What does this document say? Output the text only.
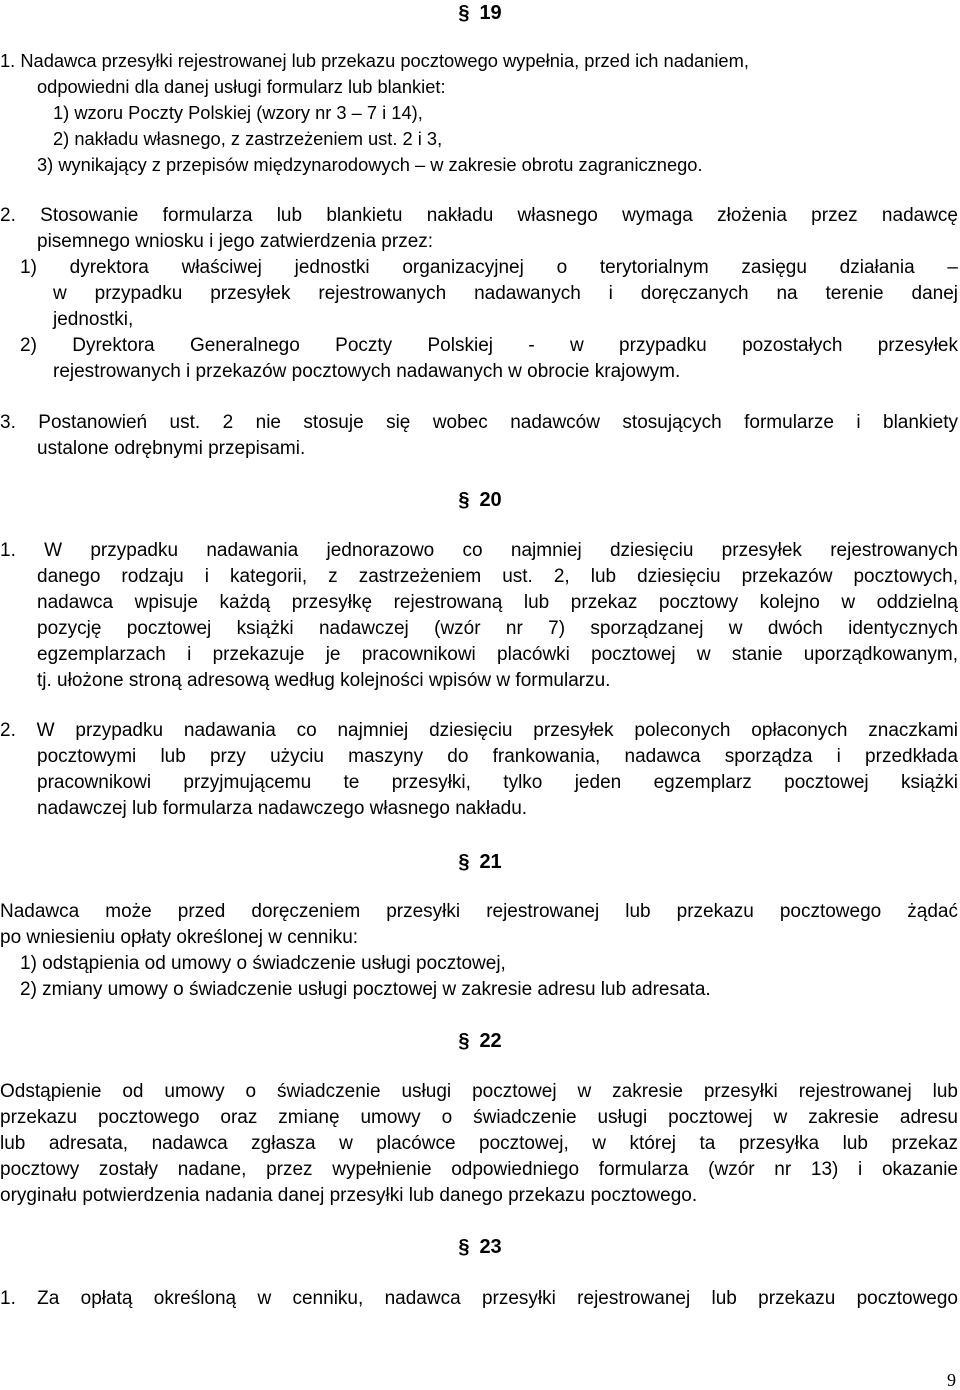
§ 19
1. Nadawca przesyłki rejestrowanej lub przekazu pocztowego wypełnia, przed ich nadaniem,
odpowiedni dla danej usługi formularz lub blankiet:
1) wzoru Poczty Polskiej (wzory nr 3 – 7 i 14),
2) nakładu własnego, z zastrzeżeniem ust. 2 i 3,
3) wynikający z przepisów międzynarodowych – w zakresie obrotu zagranicznego.
2. Stosowanie formularza lub blankietu nakładu własnego wymaga złożenia przez nadawcę
pisemnego wniosku i jego zatwierdzenia przez:
1) dyrektora właściwej jednostki organizacyjnej o terytorialnym zasięgu działania –
w przypadku przesyłek rejestrowanych nadawanych i doręczanych na terenie danej
jednostki,
2) Dyrektora Generalnego Poczty Polskiej - w przypadku pozostałych przesyłek
rejestrowanych i przekazów pocztowych nadawanych w obrocie krajowym.
3. Postanowień ust. 2 nie stosuje się wobec nadawców stosujących formularze i blankiety
ustalone odrębnymi przepisami.
§ 20
1. W przypadku nadawania jednorazowo co najmniej dziesięciu przesyłek rejestrowanych
danego rodzaju i kategorii, z zastrzeżeniem ust. 2, lub dziesięciu przekazów pocztowych,
nadawca wpisuje każdą przesyłkę rejestrowaną lub przekaz pocztowy kolejno w oddzielną
pozycję pocztowej książki nadawczej (wzór nr 7) sporządzanej w dwóch identycznych
egzemplarzach i przekazuje je pracownikowi placówki pocztowej w stanie uporządkowanym,
tj. ułożone stroną adresową według kolejności wpisów w formularzu.
2. W przypadku nadawania co najmniej dziesięciu przesyłek poleconych opłaconych znaczkami
pocztowymi lub przy użyciu maszyny do frankowania, nadawca sporządza i przedkłada
pracownikowi przyjmującemu te przesyłki, tylko jeden egzemplarz pocztowej książki
nadawczej lub formularza nadawczego własnego nakładu.
§ 21
Nadawca może przed doręczeniem przesyłki rejestrowanej lub przekazu pocztowego żądać
po wniesieniu opłaty określonej w cenniku:
1) odstąpienia od umowy o świadczenie usługi pocztowej,
2) zmiany umowy o świadczenie usługi pocztowej w zakresie adresu lub adresata.
§ 22
Odstąpienie od umowy o świadczenie usługi pocztowej w zakresie przesyłki rejestrowanej lub
przekazu pocztowego oraz zmianę umowy o świadczenie usługi pocztowej w zakresie adresu
lub adresata, nadawca zgłasza w placówce pocztowej, w której ta przesyłka lub przekaz
pocztowy zostały nadane, przez wypełnienie odpowiedniego formularza (wzór nr 13) i okazanie
oryginału potwierdzenia nadania danej przesyłki lub danego przekazu pocztowego.
§ 23
1. Za opłatą określoną w cenniku, nadawca przesyłki rejestrowanej lub przekazu pocztowego
9
